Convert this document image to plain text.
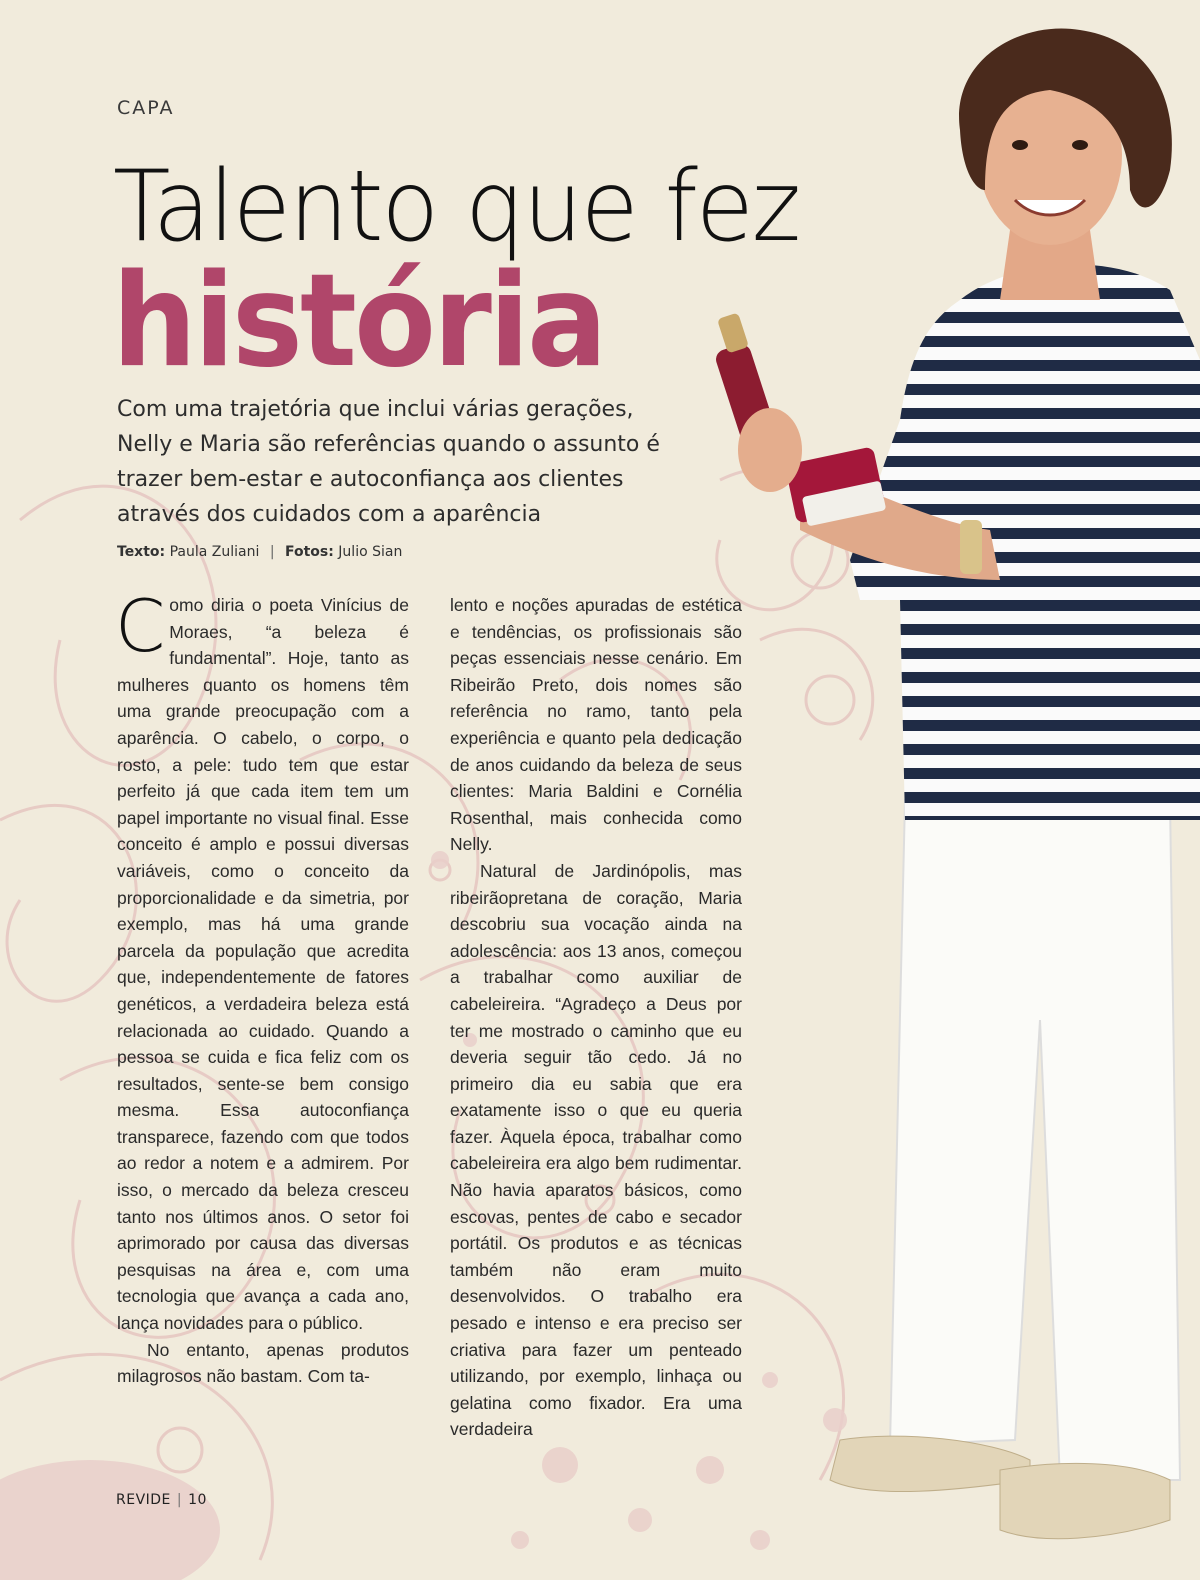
CAPA
Talento que fez
história

Com uma trajetória que inclui várias gerações, Nelly e Maria são referências quando o assunto é trazer bem-estar e autoconfiança aos clientes através dos cuidados com a aparência

Texto: Paula Zuliani | Fotos: Julio Sian

Como diria o poeta Vinícius de Moraes, “a beleza é fundamental”. Hoje, tanto as mulheres quanto os homens têm uma grande preocupação com a aparência. O cabelo, o corpo, o rosto, a pele: tudo tem que estar perfeito já que cada item tem um papel importante no visual final. Esse conceito é amplo e possui diversas variáveis, como o conceito da proporcionalidade e da simetria, por exemplo, mas há uma grande parcela da população que acredita que, independentemente de fatores genéticos, a verdadeira beleza está relacionada ao cuidado. Quando a pessoa se cuida e fica feliz com os resultados, sente-se bem consigo mesma. Essa autoconfiança transparece, fazendo com que todos ao redor a notem e a admirem. Por isso, o mercado da beleza cresceu tanto nos últimos anos. O setor foi aprimorado por causa das diversas pesquisas na área e, com uma tecnologia que avança a cada ano, lança novidades para o público.

No entanto, apenas produtos milagrosos não bastam. Com ta-

lento e noções apuradas de estética e tendências, os profissionais são peças essenciais nesse cenário. Em Ribeirão Preto, dois nomes são referência no ramo, tanto pela experiência e quanto pela dedicação de anos cuidando da beleza de seus clientes: Maria Baldini e Cornélia Rosenthal, mais conhecida como Nelly.

Natural de Jardinópolis, mas ribeirãopretana de coração, Maria descobriu sua vocação ainda na adolescência: aos 13 anos, começou a trabalhar como auxiliar de cabeleireira. “Agradeço a Deus por ter me mostrado o caminho que eu deveria seguir tão cedo. Já no primeiro dia eu sabia que era exatamente isso o que eu queria fazer. Àquela época, trabalhar como cabeleireira era algo bem rudimentar. Não havia aparatos básicos, como escovas, pentes de cabo e secador portátil. Os produtos e as técnicas também não eram muito desenvolvidos. O trabalho era pesado e intenso e era preciso ser criativa para fazer um penteado utilizando, por exemplo, linhaça ou gelatina como fixador. Era uma verdadeira

REVIDE | 10
